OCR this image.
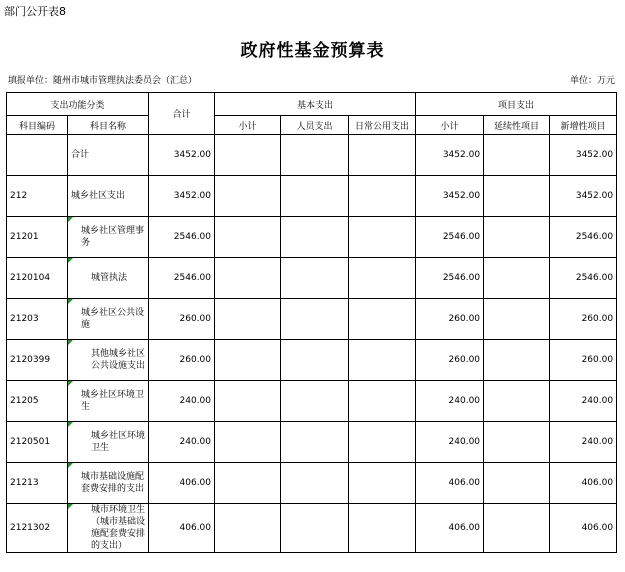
部门公开表8
政府性基金预算表
填报单位：随州市城市管理执法委员会（汇总）	单位：万元
支出功能分类		合计	基本支出			项目支出		
科目编码	科目名称		小计	人员支出	日常公用支出	小计	延续性项目	新增性项目

	合计	3452.00				3452.00		3452.00
212	城乡社区支出	3452.00				3452.00		3452.00
21201	城乡社区管理事务	2546.00				2546.00		2546.00
2120104	城管执法	2546.00				2546.00		2546.00
21203	城乡社区公共设施	260.00				260.00		260.00
2120399	其他城乡社区公共设施支出	260.00				260.00		260.00
21205	城乡社区环境卫生	240.00				240.00		240.00
2120501	城乡社区环境卫生	240.00				240.00		240.00
21213	城市基础设施配套费安排的支出	406.00				406.00		406.00
2121302	城市环境卫生（城市基础设施配套费安排的支出）	406.00				406.00		406.00
